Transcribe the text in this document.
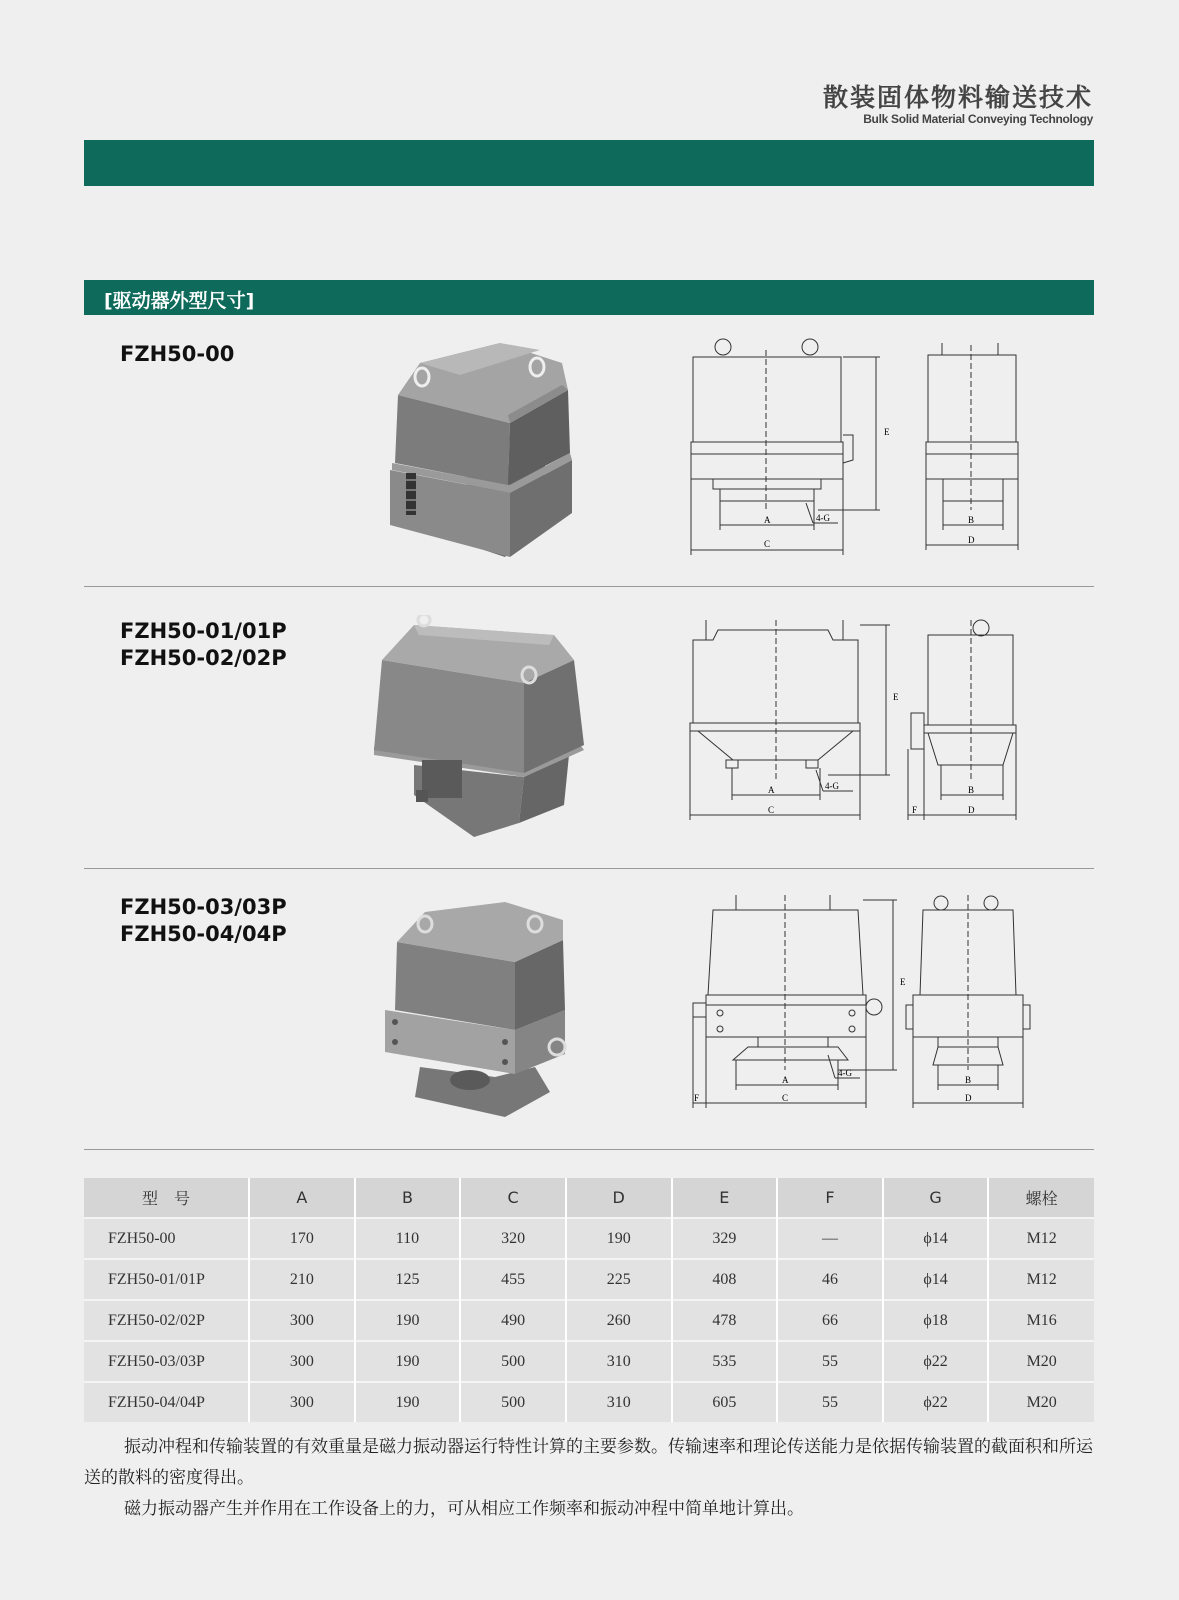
散装固体物料输送技术
Bulk Solid Material Conveying Technology
[驱动器外型尺寸]
FZH50-00
A
C
E
4-G	B
D
FZH50-01/01P
FZH50-02/02P
A
C
E
4-G	B
D
F
FZH50-03/03P
FZH50-04/04P
A
C
E
4-G
F
B
D
型　号	A	B	C	D	E	F	G	螺栓
FZH50-00	170	110	320	190	329	—	ϕ14	M12
FZH50-01/01P	210	125	455	225	408	46	ϕ14	M12
FZH50-02/02P	300	190	490	260	478	66	ϕ18	M16
FZH50-03/03P	300	190	500	310	535	55	ϕ22	M20
FZH50-04/04P	300	190	500	310	605	55	ϕ22	M20
振动冲程和传输装置的有效重量是磁力振动器运行特性计算的主要参数。传输速率和理论传送能力是依据传输装置的截面积和所运送的散料的密度得出。
磁力振动器产生并作用在工作设备上的力，可从相应工作频率和振动冲程中简单地计算出。
